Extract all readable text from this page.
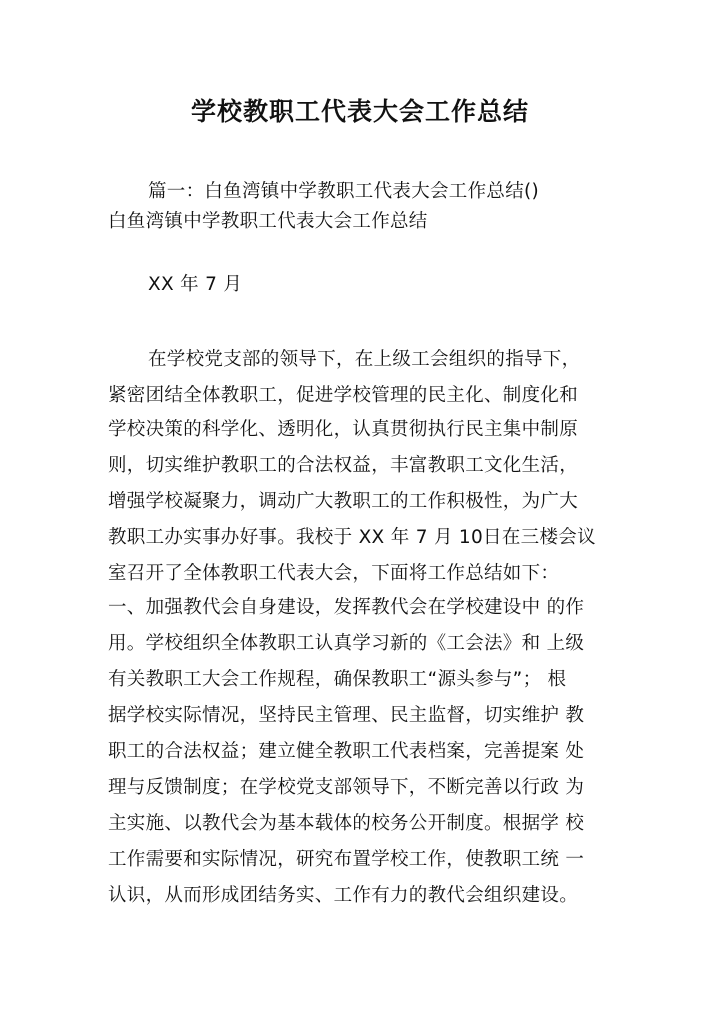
学校教职工代表大会工作总结
篇一：白鱼湾镇中学教职工代表大会工作总结()
白鱼湾镇中学教职工代表大会工作总结
XX 年 7 月
在学校党支部的领导下，在上级工会组织的指导下，
紧密团结全体教职工，促进学校管理的民主化、制度化和
学校决策的科学化、透明化，认真贯彻执行民主集中制原
则，切实维护教职工的合法权益，丰富教职工文化生活，
增强学校凝聚力，调动广大教职工的工作积极性，为广大
教职工办实事办好事。我校于 XX 年 7 月 10日在三楼会议
室召开了全体教职工代表大会，下面将工作总结如下：
一、加强教代会自身建设，发挥教代会在学校建设中 的作
用。学校组织全体教职工认真学习新的《工会法》和 上级
有关教职工大会工作规程，确保教职工“源头参与”； 根
据学校实际情况，坚持民主管理、民主监督，切实维护 教
职工的合法权益；建立健全教职工代表档案，完善提案 处
理与反馈制度；在学校党支部领导下，不断完善以行政 为
主实施、以教代会为基本载体的校务公开制度。根据学 校
工作需要和实际情况，研究布置学校工作，使教职工统 一
认识，从而形成团结务实、工作有力的教代会组织建设。
